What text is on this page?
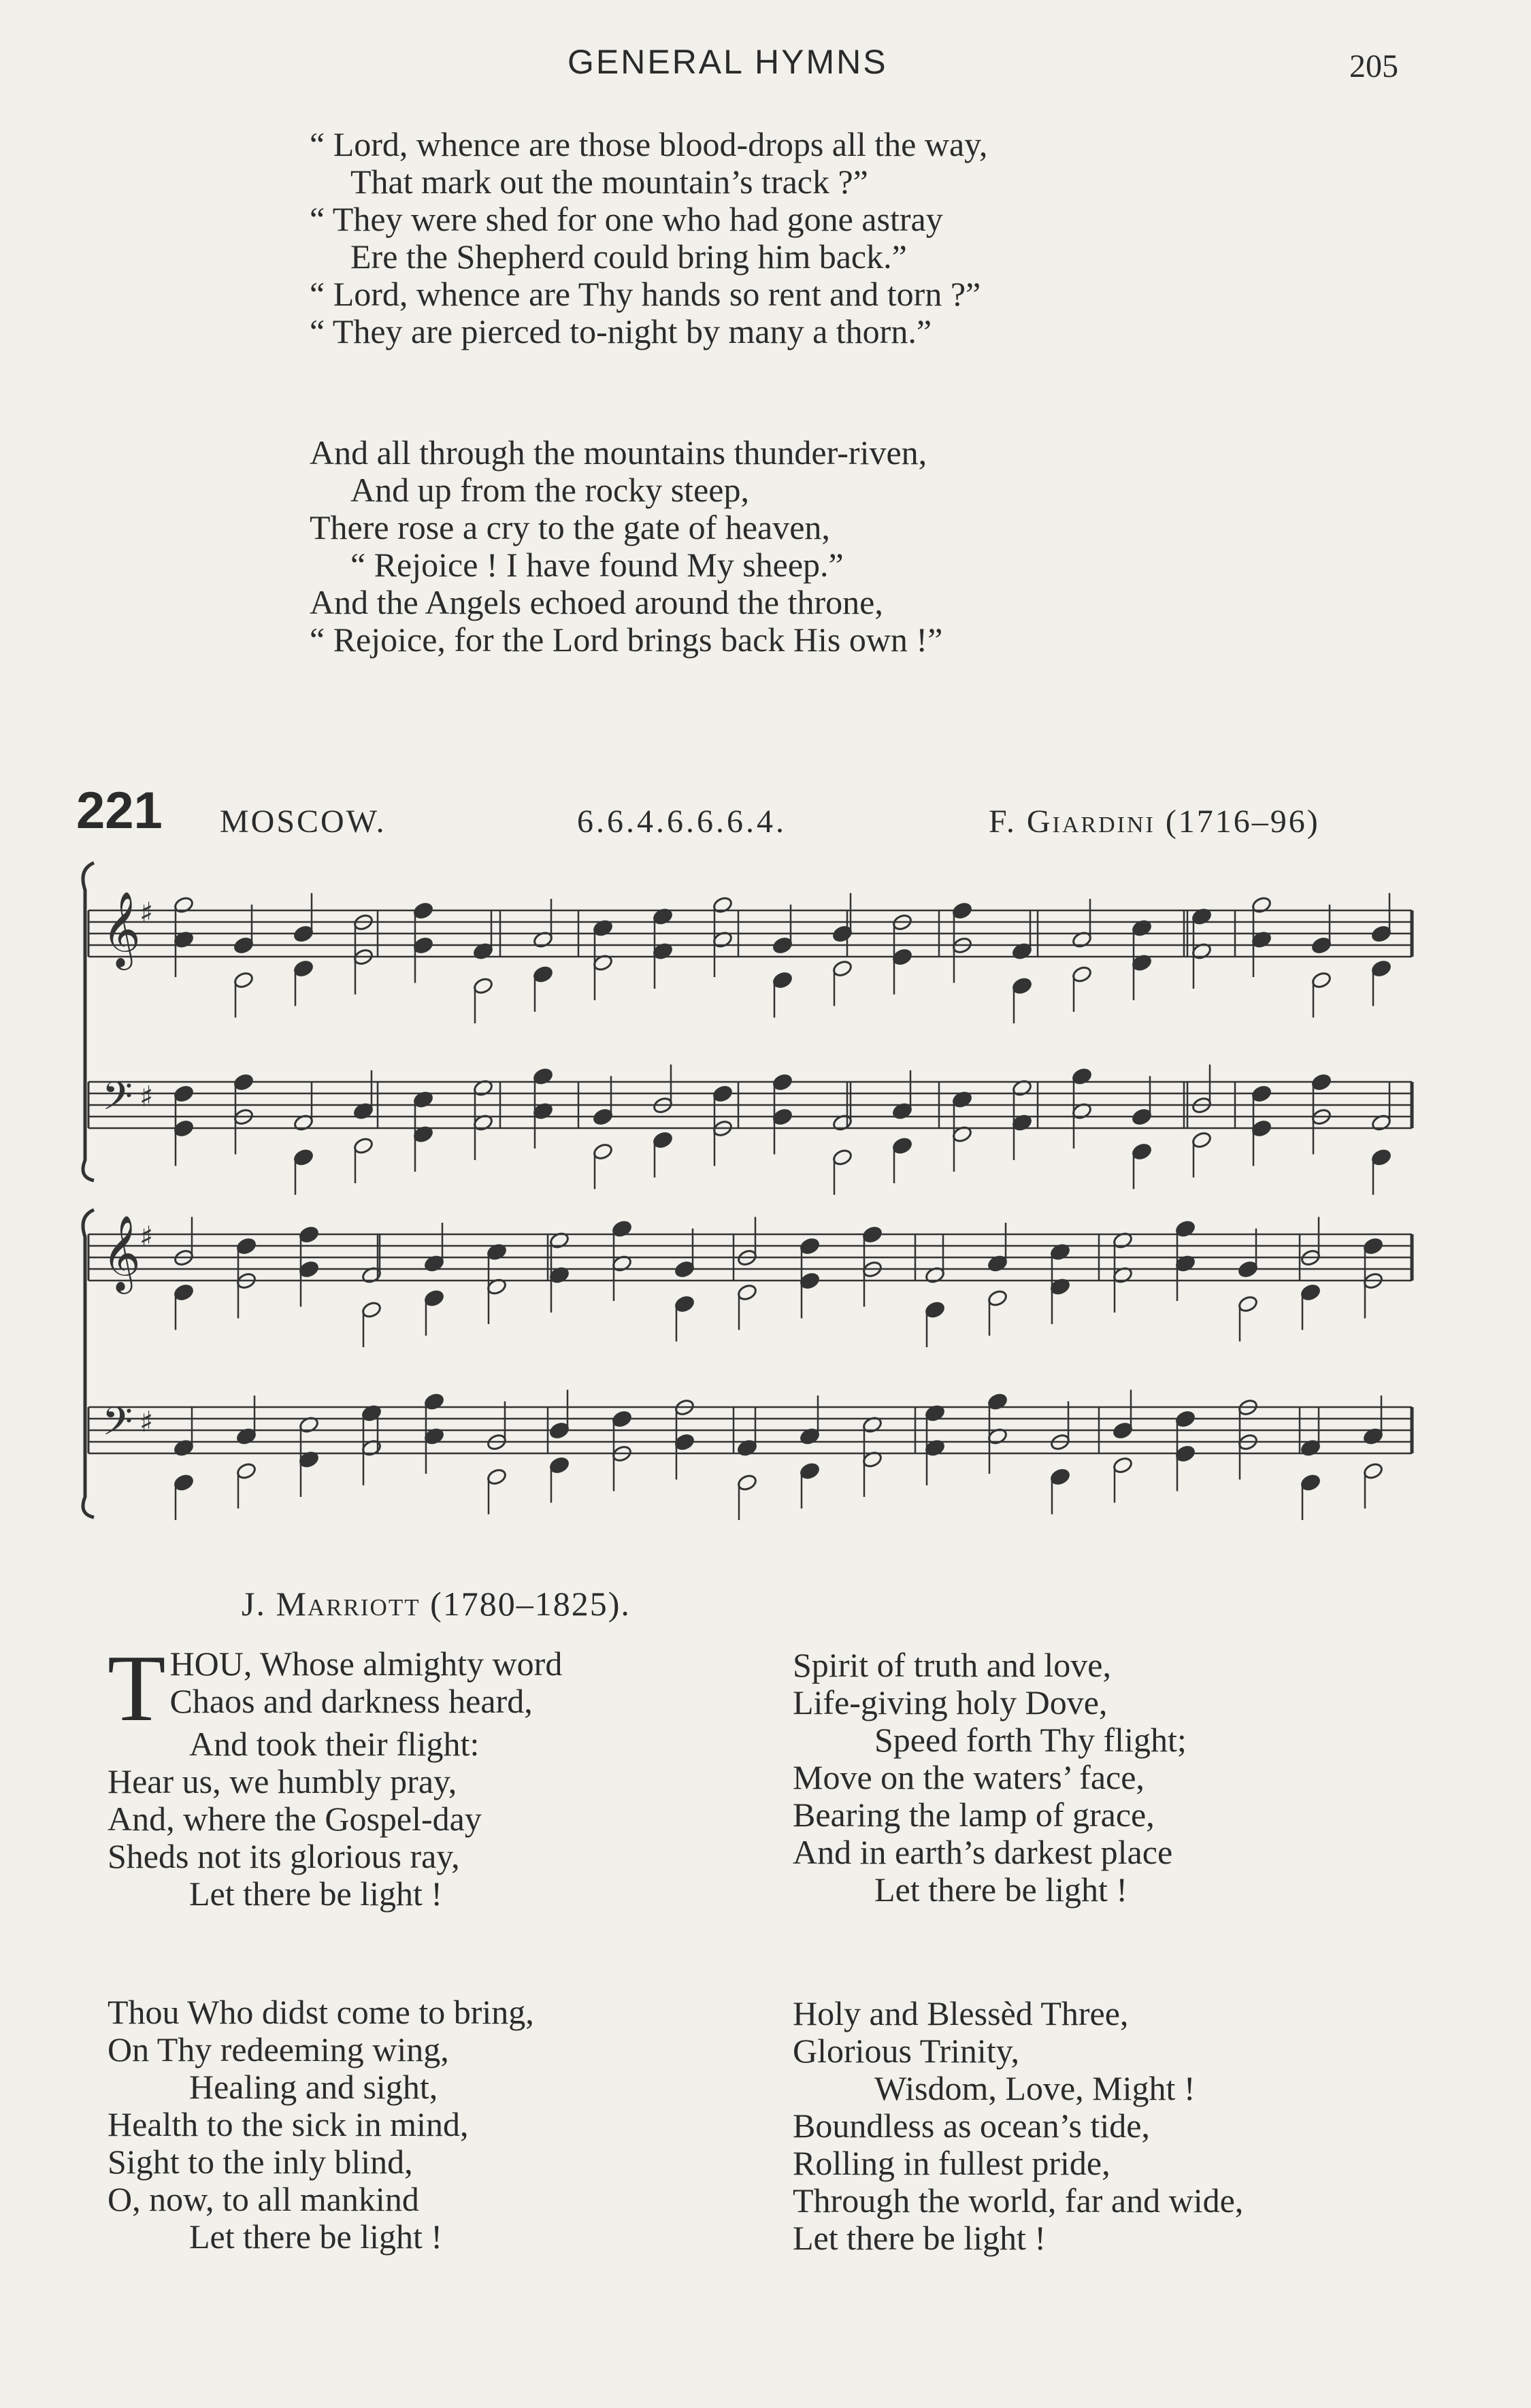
GENERAL HYMNS	205
“ Lord, whence are those blood-drops all the way,
That mark out the mountain’s track ?”
“ They were shed for one who had gone astray
Ere the Shepherd could bring him back.”
“ Lord, whence are Thy hands so rent and torn ?”
“ They are pierced to-night by many a thorn.”
And all through the mountains thunder-riven,
And up from the rocky steep,
There rose a cry to the gate of heaven,
“ Rejoice ! I have found My sheep.”
And the Angels echoed around the throne,
“ Rejoice, for the Lord brings back His own !”
221 MOSCOW.	6.6.4.6.6.6.4.	F. Giardini (1716–96)
𝄞
♯
𝄢 ♯
𝄞
♯
𝄢 ♯
J. Marriott (1780–1825).
T HOU, Whose almighty word
Chaos and darkness heard,
And took their flight:
Hear us, we humbly pray,
And, where the Gospel-day
Sheds not its glorious ray,
Let there be light !
Spirit of truth and love,
Life-giving holy Dove,
Speed forth Thy flight;
Move on the waters’ face,
Bearing the lamp of grace,
And in earth’s darkest place
Let there be light !
Thou Who didst come to bring,
On Thy redeeming wing,
Healing and sight,
Health to the sick in mind,
Sight to the inly blind,
O, now, to all mankind
Let there be light !
Holy and Blessèd Three,
Glorious Trinity,
Wisdom, Love, Might !
Boundless as ocean’s tide,
Rolling in fullest pride,
Through the world, far and wide,
Let there be light !
